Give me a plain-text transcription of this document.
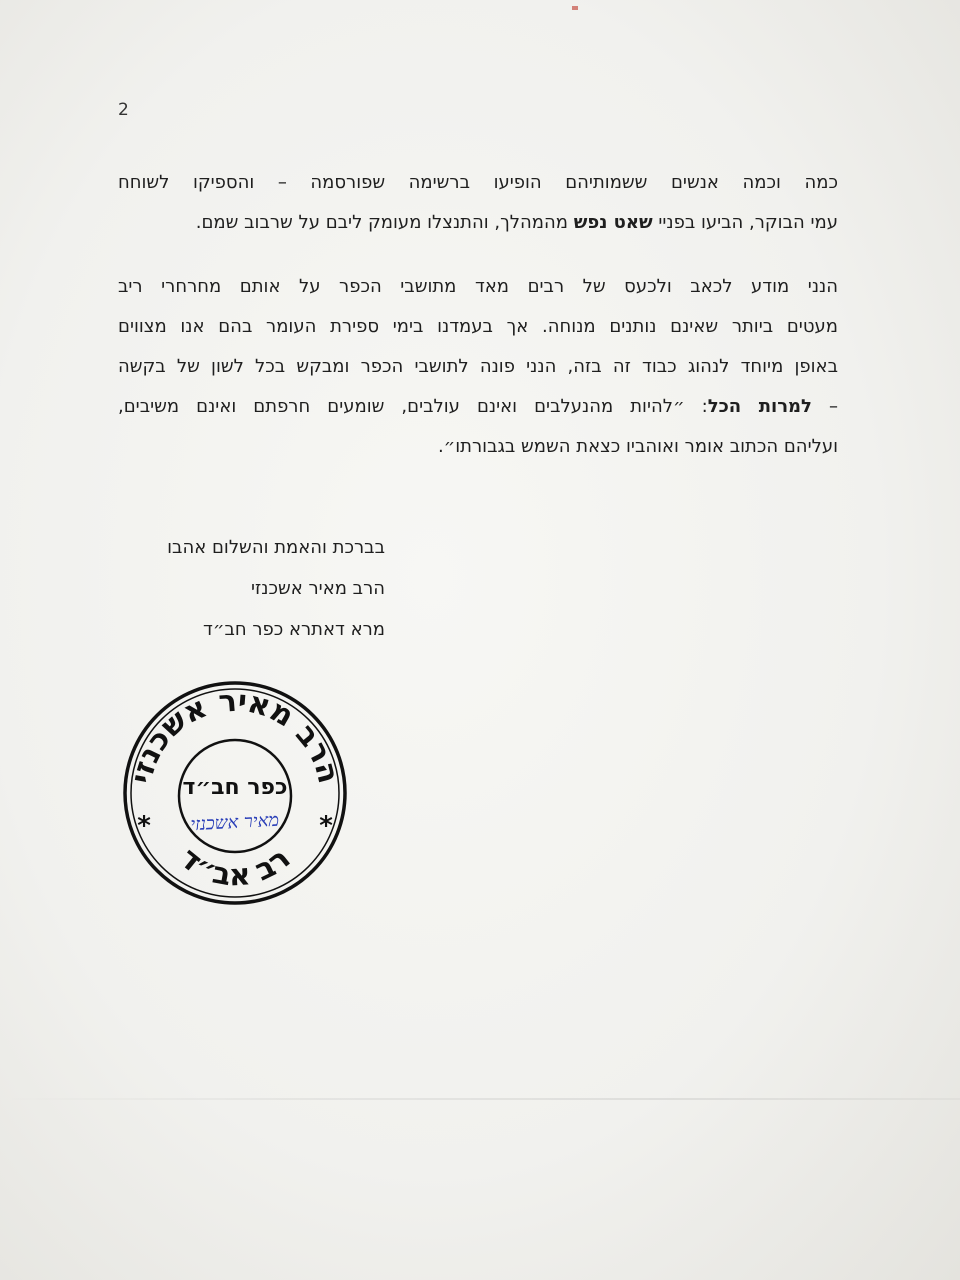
2
כמה וכמה אנשים ששמותיהם הופיעו ברשימה שפורסמה – והספיקו לשוחח
עמי הבוקר, הביעו בפניי שאט נפש מהמהלך, והתנצלו מעומק ליבם על שרבוב שמם.
הנני מודע לכאב ולכעס של רבים מאד מתושבי הכפר על אותם מחרחרי ריב
מעטים ביותר שאינם נותנים מנוחה. אך בעמדנו בימי ספירת העומר בהם אנו מצווים
באופן מיוחד לנהוג כבוד זה בזה, הנני פונה לתושבי הכפר ומבקש בכל לשון של בקשה
– למרות הכל: ״להיות מהנעלבים ואינם עולבים, שומעים חרפתם ואינם משיבים,
ועליהם הכתוב אומר ואוהביו כצאת השמש בגבורתו״.
בברכת והאמת והשלום אהבו
הרב מאיר אשכנזי
מרא דאתרא כפר חב״ד
הרב מאיר אשכנזי
רב אב״ד
כפר חב״ד
מאיר אשכנזי
*	*
